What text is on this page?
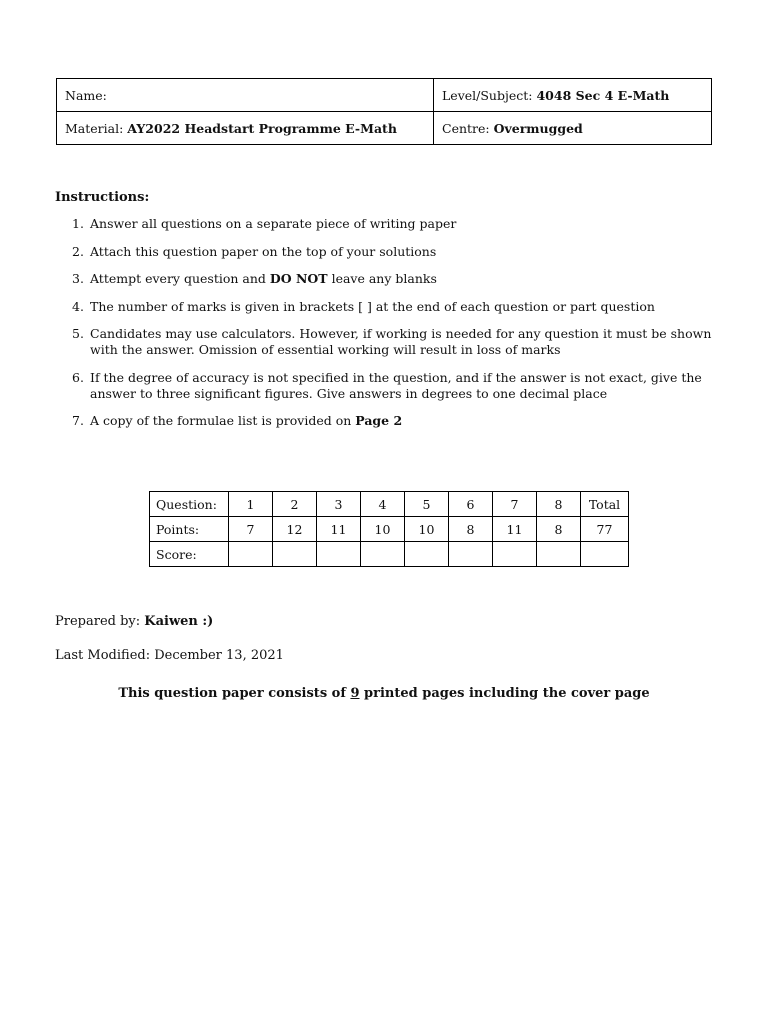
Name:	Level/Subject: 4048 Sec 4 E-Math
Material: AY2022 Headstart Programme E-Math	Centre: Overmugged
Instructions:
1. Answer all questions on a separate piece of writing paper
2. Attach this question paper on the top of your solutions
3. Attempt every question and DO NOT leave any blanks
4. The number of marks is given in brackets [ ] at the end of each question or part question
5. Candidates may use calculators. However, if working is needed for any question it must be shown with the answer. Omission of essential working will result in loss of marks
6. If the degree of accuracy is not specified in the question, and if the answer is not exact, give the answer to three significant figures. Give answers in degrees to one decimal place
7. A copy of the formulae list is provided on Page 2
Question:	1	2	3	4	5	6	7	8	Total
Points:	7	12	11	10	10	8	11	8	77
Score:									
Prepared by: Kaiwen :)
Last Modified: December 13, 2021
This question paper consists of 9 printed pages including the cover page
